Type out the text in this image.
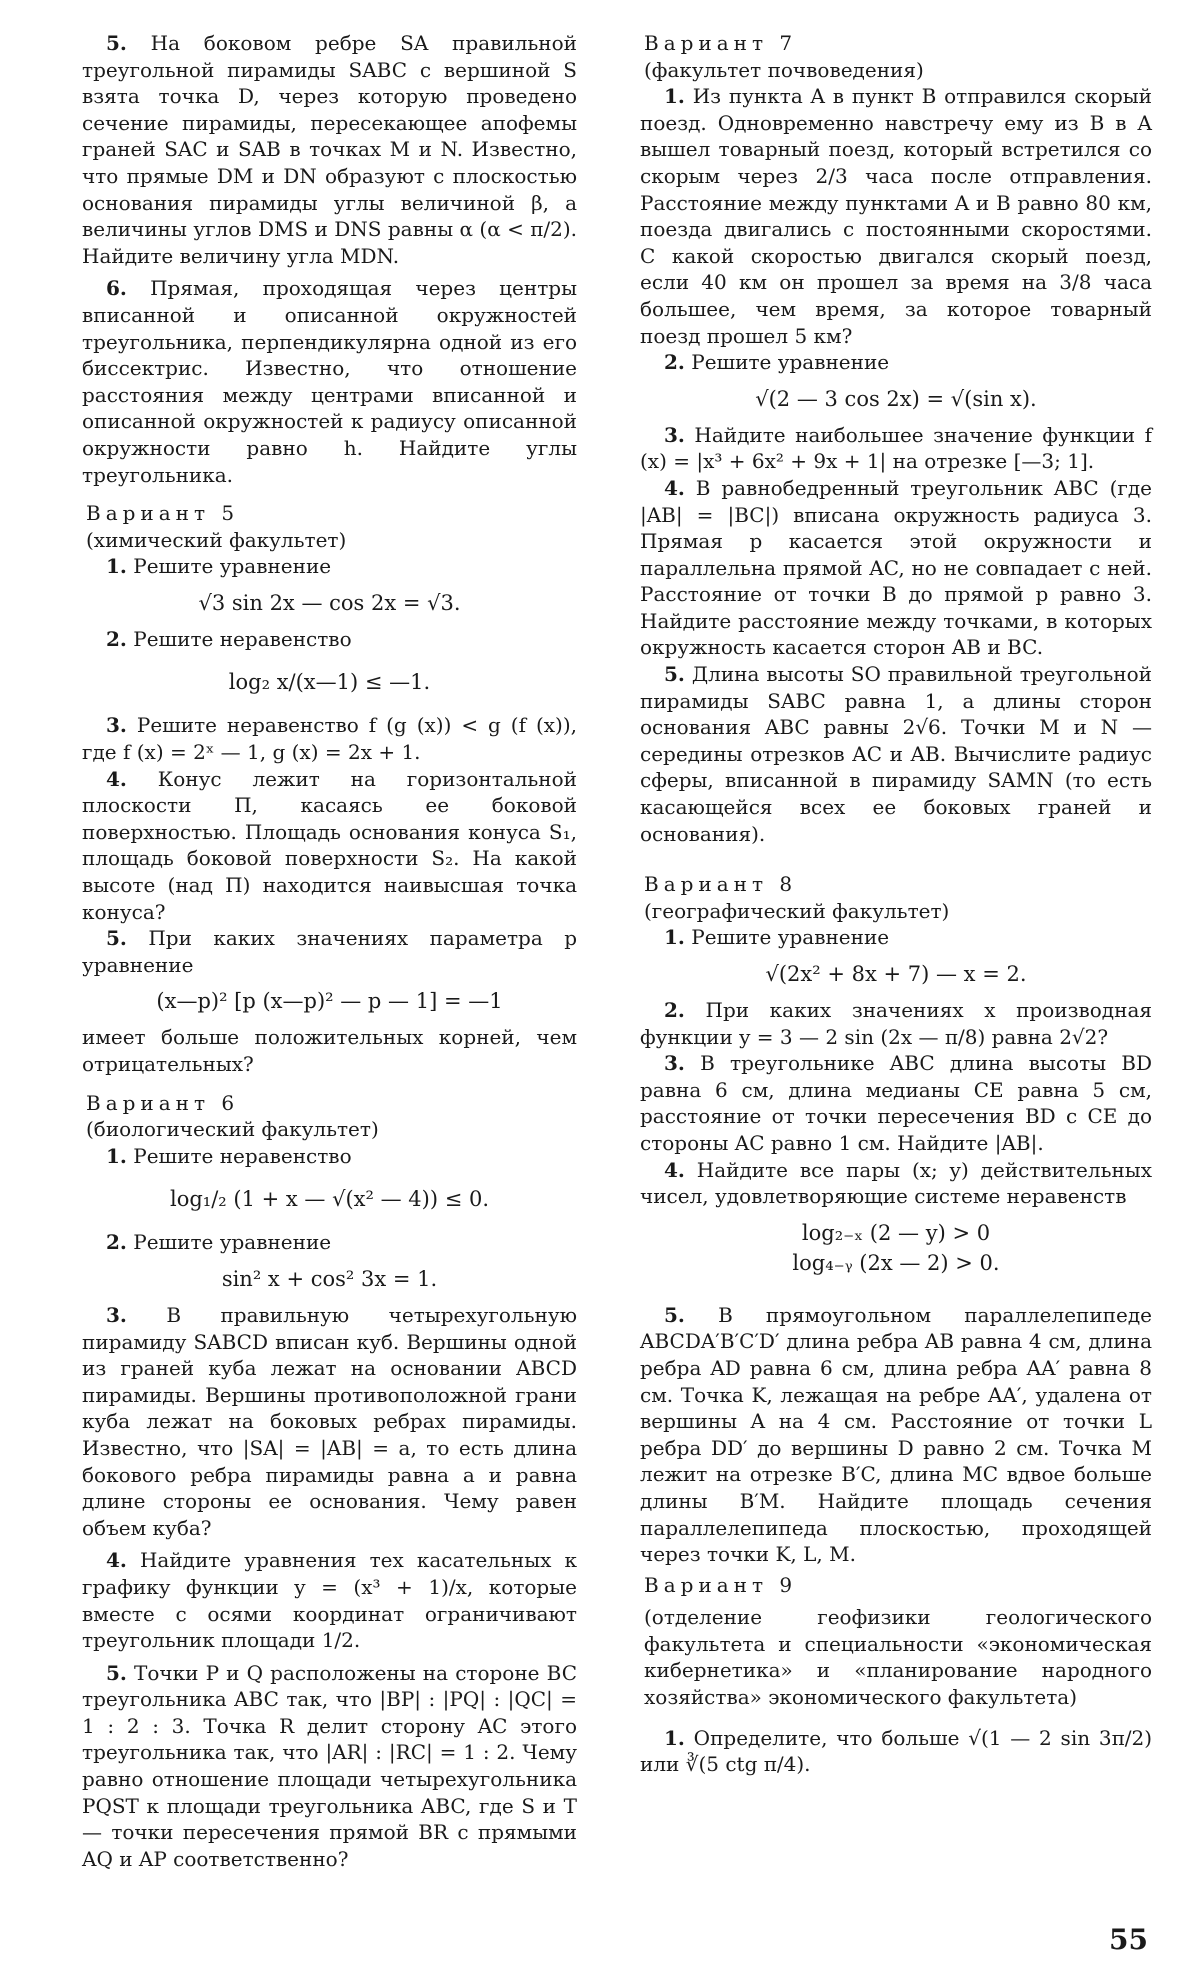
5. На боковом ребре SA правильной треугольной пирамиды SABC с вершиной S взята точка D, через которую проведено сечение пирамиды, пересекающее апофемы граней SAC и SAB в точках M и N. Известно, что прямые DM и DN образуют с плоскостью основания пирамиды углы величиной β, а величины углов DMS и DNS равны α (α < π/2). Найдите величину угла MDN.

6. Прямая, проходящая через центры вписанной и описанной окружностей треугольника, перпендикулярна одной из его биссектрис. Известно, что отношение расстояния между центрами вписанной и описанной окружностей к радиусу описанной окружности равно h. Найдите углы треугольника.

Вариант 5
(химический факультет)

1. Решите уравнение

√3 sin 2x — cos 2x = √3.

2. Решите неравенство

log₂ x/(x—1) ≤ —1.

3. Решите неравенство f (g (x)) < g (f (x)), где f (x) = 2ˣ — 1, g (x) = 2x + 1.

4. Конус лежит на горизонтальной плоскости П, касаясь ее боковой поверхностью. Площадь основания конуса S₁, площадь боковой поверхности S₂. На какой высоте (над П) находится наивысшая точка конуса?

5. При каких значениях параметра p уравнение

(x—p)² [p (x—p)² — p — 1] = —1

имеет больше положительных корней, чем отрицательных?

Вариант 6
(биологический факультет)

1. Решите неравенство

log₁/₂ (1 + x — √(x² — 4)) ≤ 0.

2. Решите уравнение

sin² x + cos² 3x = 1.

3. В правильную четырехугольную пирамиду SABCD вписан куб. Вершины одной из граней куба лежат на основании ABCD пирамиды. Вершины противоположной грани куба лежат на боковых ребрах пирамиды. Известно, что |SA| = |AB| = a, то есть длина бокового ребра пирамиды равна a и равна длине стороны ее основания. Чему равен объем куба?

4. Найдите уравнения тех касательных к графику функции y = (x³ + 1)/x, которые вместе с осями координат ограничивают треугольник площади 1/2.

5. Точки P и Q расположены на стороне BC треугольника ABC так, что |BP| : |PQ| : |QC| = 1 : 2 : 3. Точка R делит сторону AC этого треугольника так, что |AR| : |RC| = 1 : 2. Чему равно отношение площади четырехугольника PQST к площади треугольника ABC, где S и T — точки пересечения прямой BR с прямыми AQ и AP соответственно?

Вариант 7
(факультет почвоведения)

1. Из пункта A в пункт B отправился скорый поезд. Одновременно навстречу ему из B в A вышел товарный поезд, который встретился со скорым через 2/3 часа после отправления. Расстояние между пунктами A и B равно 80 км, поезда двигались с постоянными скоростями. С какой скоростью двигался скорый поезд, если 40 км он прошел за время на 3/8 часа большее, чем время, за которое товарный поезд прошел 5 км?

2. Решите уравнение

√(2 — 3 cos 2x) = √(sin x).

3. Найдите наибольшее значение функции f (x) = |x³ + 6x² + 9x + 1| на отрезке [—3; 1].

4. В равнобедренный треугольник ABC (где |AB| = |BC|) вписана окружность радиуса 3. Прямая p касается этой окружности и параллельна прямой AC, но не совпадает с ней. Расстояние от точки B до прямой p равно 3. Найдите расстояние между точками, в которых окружность касается сторон AB и BC.

5. Длина высоты SO правильной треугольной пирамиды SABC равна 1, а длины сторон основания ABC равны 2√6. Точки M и N — середины отрезков AC и AB. Вычислите радиус сферы, вписанной в пирамиду SAMN (то есть касающейся всех ее боковых граней и основания).

Вариант 8
(географический факультет)

1. Решите уравнение

√(2x² + 8x + 7) — x = 2.

2. При каких значениях x производная функции y = 3 — 2 sin (2x — π/8) равна 2√2?

3. В треугольнике ABC длина высоты BD равна 6 см, длина медианы CE равна 5 см, расстояние от точки пересечения BD с CE до стороны AC равно 1 см. Найдите |AB|.

4. Найдите все пары (x; y) действительных чисел, удовлетворяющие системе неравенств

log₂₋ₓ (2 — y) > 0
log₄₋ᵧ (2x — 2) > 0.

5. В прямоугольном параллелепипеде ABCDA′B′C′D′ длина ребра AB равна 4 см, длина ребра AD равна 6 см, длина ребра AA′ равна 8 см. Точка K, лежащая на ребре AA′, удалена от вершины A на 4 см. Расстояние от точки L ребра DD′ до вершины D равно 2 см. Точка M лежит на отрезке B′C, длина MC вдвое больше длины B′M. Найдите площадь сечения параллелепипеда плоскостью, проходящей через точки K, L, M.

Вариант 9
(отделение геофизики геологического факультета и специальности «экономическая кибернетика» и «планирование народного хозяйства» экономического факультета)

1. Определите, что больше √(1 — 2 sin 3π/2) или ∛(5 ctg π/4).

55
